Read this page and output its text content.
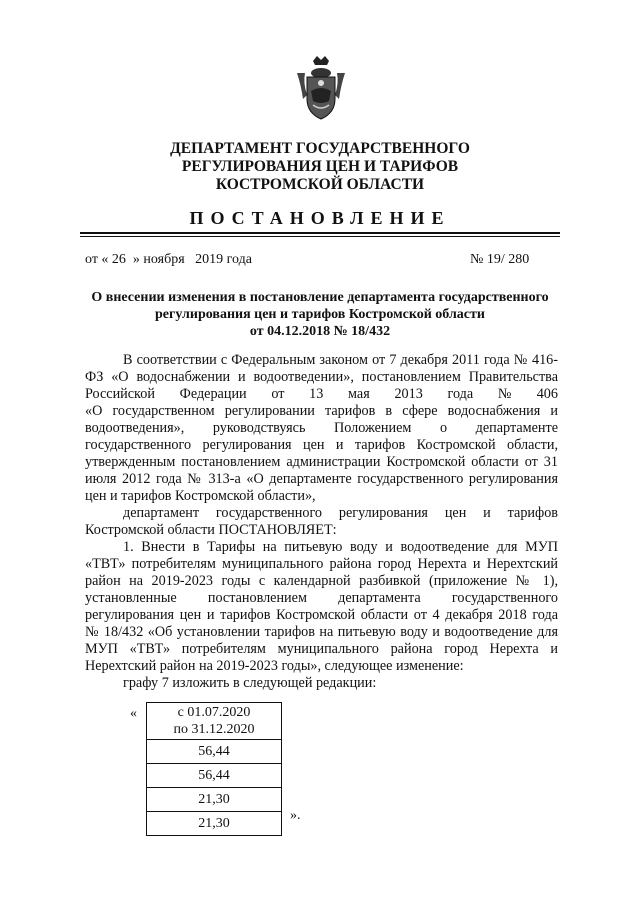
ДЕПАРТАМЕНТ ГОСУДАРСТВЕННОГО
РЕГУЛИРОВАНИЯ ЦЕН И ТАРИФОВ
КОСТРОМСКОЙ ОБЛАСТИ
ПОСТАНОВЛЕНИЕ
от « 26  » ноября   2019 года	№ 19/ 280
О внесении изменения в постановление департамента государственного
регулирования цен и тарифов Костромской области
от 04.12.2018 № 18/432
В соответствии с Федеральным законом от 7 декабря 2011 года № 416-
ФЗ «О водоснабжении и водоотведении», постановлением Правительства
Российской      Федерации      от      13      мая      2013      года      №      406
«О государственном регулировании тарифов в сфере водоснабжения и
водоотведения»,      руководствуясь      Положением      о      департаменте
государственного регулирования цен и тарифов Костромской области,
утвержденным постановлением администрации Костромской области от 31
июля 2012 года № 313-а «О департаменте государственного регулирования
цен и тарифов Костромской области»,
департамент    государственного    регулирования    цен    и    тарифов
Костромской области ПОСТАНОВЛЯЕТ:
1. Внести в Тарифы на питьевую воду и водоотведение для МУП
«ТВТ» потребителям муниципального района город Нерехта и Нерехтский
район на 2019-2023 годы с календарной разбивкой (приложение № 1),
установленные      постановлением      департамента      государственного
регулирования цен и тарифов Костромской области от 4 декабря 2018 года
№ 18/432 «Об установлении тарифов на питьевую воду и водоотведение для
МУП «ТВТ» потребителям муниципального района город Нерехта и
Нерехтский район на 2019-2023 годы», следующее изменение:
графу 7 изложить в следующей редакции:
«
».
с 01.07.2020
по 31.12.2020

56,44
56,44
21,30
21,30
